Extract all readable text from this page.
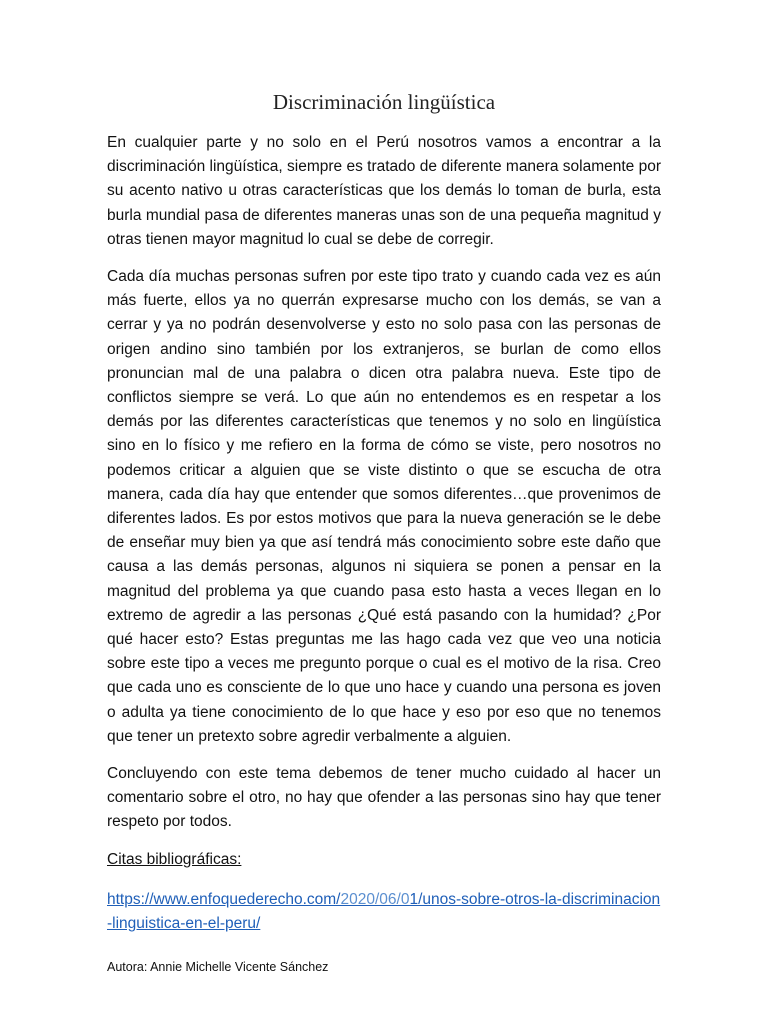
Discriminación lingüística

En cualquier parte y no solo en el Perú nosotros vamos a encontrar a la discriminación lingüística, siempre es tratado de diferente manera solamente por su acento nativo u otras características que los demás lo toman de burla, esta burla mundial pasa de diferentes maneras unas son de una pequeña magnitud y otras tienen mayor magnitud lo cual se debe de corregir.

Cada día muchas personas sufren por este tipo trato y cuando cada vez es aún más fuerte, ellos ya no querrán expresarse mucho con los demás, se van a cerrar y ya no podrán desenvolverse y esto no solo pasa con las personas de origen andino sino también por los extranjeros, se burlan de como ellos pronuncian mal de una palabra o dicen otra palabra nueva. Este tipo de conflictos siempre se verá. Lo que aún no entendemos es en respetar a los demás por las diferentes características que tenemos y no solo en lingüística sino en lo físico y me refiero en la forma de cómo se viste, pero nosotros no podemos criticar a alguien que se viste distinto o que se escucha de otra manera, cada día hay que entender que somos diferentes…que provenimos de diferentes lados. Es por estos motivos que para la nueva generación se le debe de enseñar muy bien ya que así tendrá más conocimiento sobre este daño que causa a las demás personas, algunos ni siquiera se ponen a pensar en la magnitud del problema ya que cuando pasa esto hasta a veces llegan en lo extremo de agredir a las personas ¿Qué está pasando con la humidad? ¿Por qué hacer esto? Estas preguntas me las hago cada vez que veo una noticia sobre este tipo a veces me pregunto porque o cual es el motivo de la risa. Creo que cada uno es consciente de lo que uno hace y cuando una persona es joven o adulta ya tiene conocimiento de lo que hace y eso por eso que no tenemos que tener un pretexto sobre agredir verbalmente a alguien.

Concluyendo con este tema debemos de tener mucho cuidado al hacer un comentario sobre el otro, no hay que ofender a las personas sino hay que tener respeto por todos.

Citas bibliográficas:

https://www.enfoquederecho.com/2020/06/01/unos-sobre-otros-la-discriminacion-linguistica-en-el-peru/

Autora: Annie Michelle Vicente Sánchez
